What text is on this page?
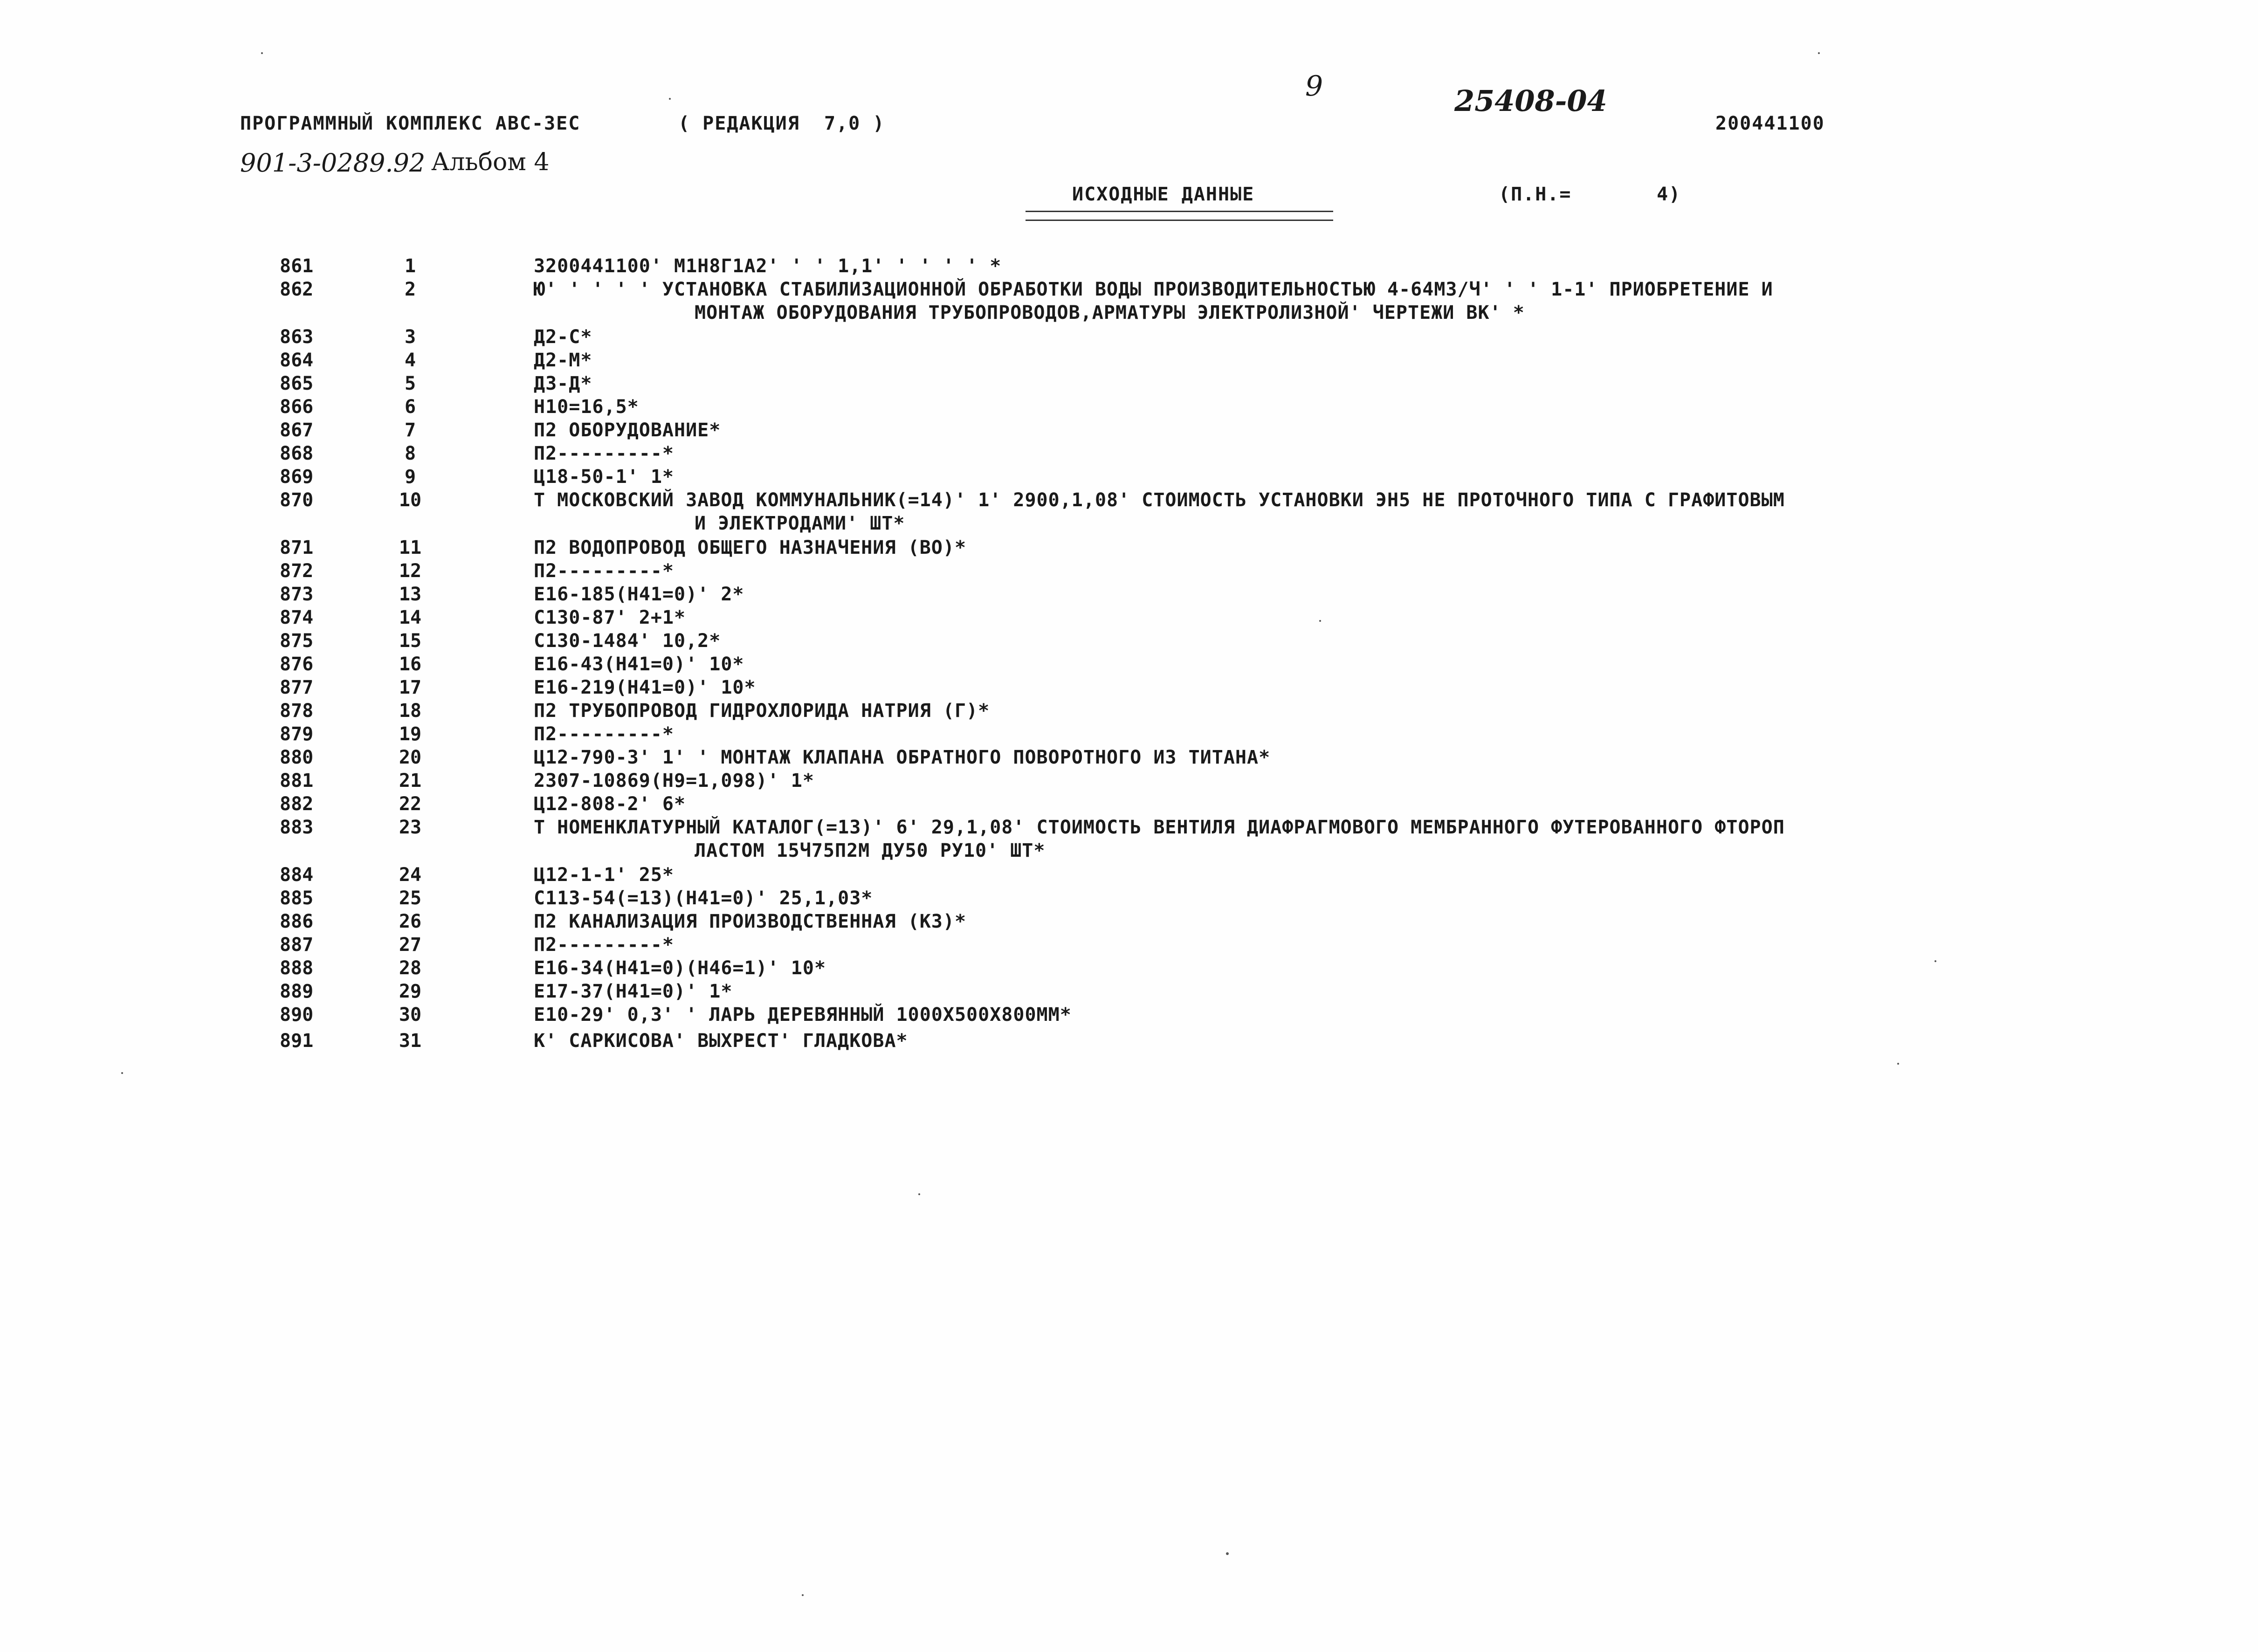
ПРОГРАММНЫЙ КОМПЛЕКС АВС-ЗЕС	( РЕДАКЦИЯ  7,0 )
9	25408-04
200441100
901-3-0289.92 Альбом 4
ИСХОДНЫЕ ДАННЫЕ	(П.Н.=       4)
861	1	3200441100' M1H8Г1A2' ' ' 1,1' ' ' ' ' *
862	2	Ю' ' ' ' ' УСТАНОВКА СТАБИЛИЗАЦИОННОЙ ОБРАБОТКИ ВОДЫ ПРОИЗВОДИТЕЛЬНОСТЬЮ 4-64МЗ/Ч' ' ' 1-1' ПРИОБРЕТЕНИЕ И
МОНТАЖ ОБОРУДОВАНИЯ ТРУБОПРОВОДОВ,АРМАТУРЫ ЭЛЕКТРОЛИЗНОЙ' ЧЕРТЕЖИ ВК' *
863	3	Д2-С*
864	4	Д2-М*
865	5	ДЗ-Д*
866	6	Н10=16,5*
867	7	П2 ОБОРУДОВАНИЕ*
868	8	П2---------*
869	9	Ц18-50-1' 1*
870	10	Т МОСКОВСКИЙ ЗАВОД КОММУНАЛЬНИК(=14)' 1' 2900,1,08' СТОИМОСТЬ УСТАНОВКИ ЭН5 НЕ ПРОТОЧНОГО ТИПА С ГРАФИТОВЫМ
И ЭЛЕКТРОДАМИ' ШТ*
871	11	П2 ВОДОПРОВОД ОБЩЕГО НАЗНАЧЕНИЯ (ВО)*
872	12	П2---------*
873	13	Е16-185(Н41=0)' 2*
874	14	С130-87' 2+1*
875	15	С130-1484' 10,2*
876	16	Е16-43(Н41=0)' 10*
877	17	Е16-219(Н41=0)' 10*
878	18	П2 ТРУБОПРОВОД ГИДРОХЛОРИДА НАТРИЯ (Г)*
879	19	П2---------*
880	20	Ц12-790-3' 1' ' МОНТАЖ КЛАПАНА ОБРАТНОГО ПОВОРОТНОГО ИЗ ТИТАНА*
881	21	2307-10869(Н9=1,098)' 1*
882	22	Ц12-808-2' 6*
883	23	Т НОМЕНКЛАТУРНЫЙ КАТАЛОГ(=13)' 6' 29,1,08' СТОИМОСТЬ ВЕНТИЛЯ ДИАФРАГМОВОГО МЕМБРАННОГО ФУТЕРОВАННОГО ФТОРОП
ЛАСТОМ 15Ч75П2М ДУ50 РУ10' ШТ*
884	24	Ц12-1-1' 25*
885	25	С113-54(=13)(Н41=0)' 25,1,03*
886	26	П2 КАНАЛИЗАЦИЯ ПРОИЗВОДСТВЕННАЯ (К3)*
887	27	П2---------*
888	28	Е16-34(Н41=0)(Н46=1)' 10*
889	29	Е17-37(Н41=0)' 1*
890	30	Е10-29' 0,3' ' ЛАРЬ ДЕРЕВЯННЫЙ 1000Х500Х800ММ*
891	31	К' САРКИСОВА' ВЫХРЕСТ' ГЛАДКОВА*
